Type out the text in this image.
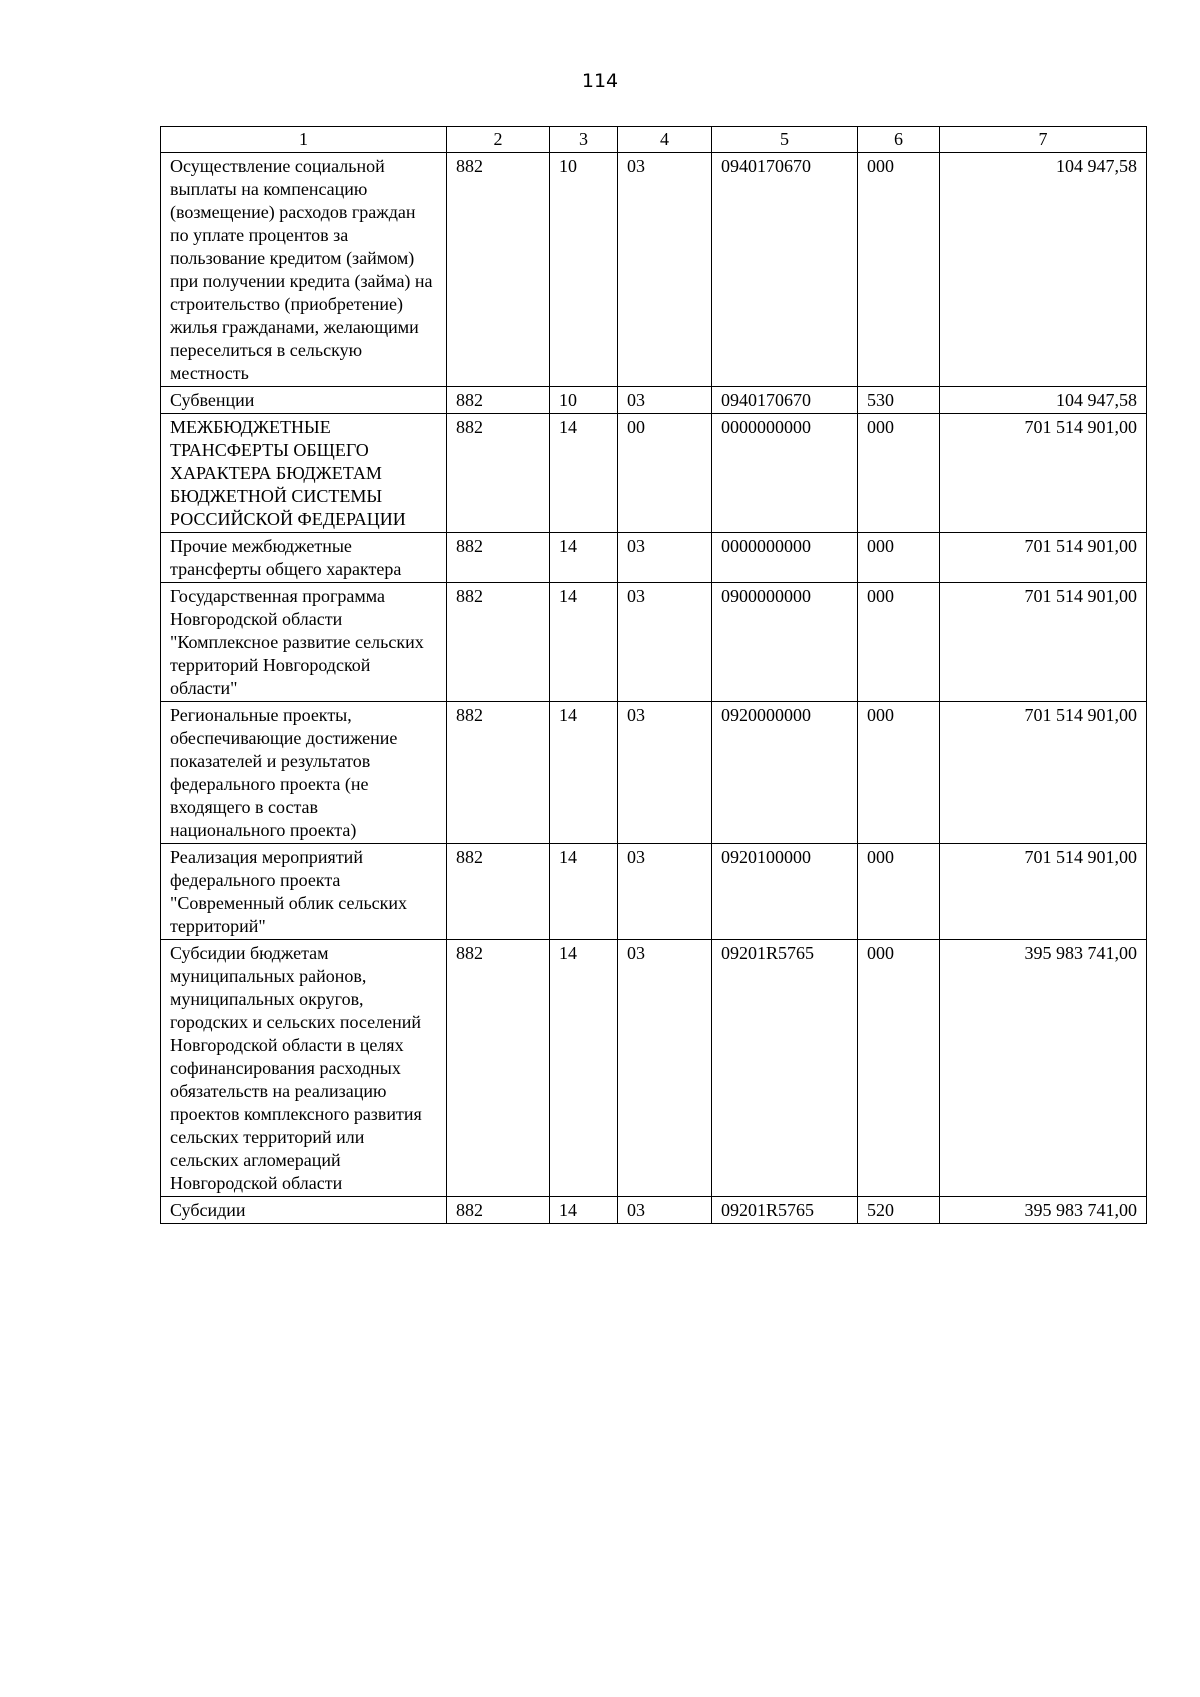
114
1	2	3	4	5	6	7
Осуществление социальной выплаты на компенсацию (возмещение) расходов граждан по уплате процентов за пользование кредитом (займом) при получении кредита (займа) на строительство (приобретение) жилья гражданами, желающими переселиться в сельскую местность	882	10	03	0940170670	000	104 947,58
Субвенции	882	10	03	0940170670	530	104 947,58
МЕЖБЮДЖЕТНЫЕ ТРАНСФЕРТЫ ОБЩЕГО ХАРАКТЕРА БЮДЖЕТАМ БЮДЖЕТНОЙ СИСТЕМЫ РОССИЙСКОЙ ФЕДЕРАЦИИ	882	14	00	0000000000	000	701 514 901,00
Прочие межбюджетные трансферты общего характера	882	14	03	0000000000	000	701 514 901,00
Государственная программа Новгородской области "Комплексное развитие сельских территорий Новгородской области"	882	14	03	0900000000	000	701 514 901,00
Региональные проекты, обеспечивающие достижение показателей и результатов федерального проекта (не входящего в состав национального проекта)	882	14	03	0920000000	000	701 514 901,00
Реализация мероприятий федерального проекта "Современный облик сельских территорий"	882	14	03	0920100000	000	701 514 901,00
Субсидии бюджетам муниципальных районов, муниципальных округов, городских и сельских поселений Новгородской области в целях софинансирования расходных обязательств на реализацию проектов комплексного развития сельских территорий или сельских агломераций Новгородской области	882	14	03	09201R5765	000	395 983 741,00
Субсидии	882	14	03	09201R5765	520	395 983 741,00
